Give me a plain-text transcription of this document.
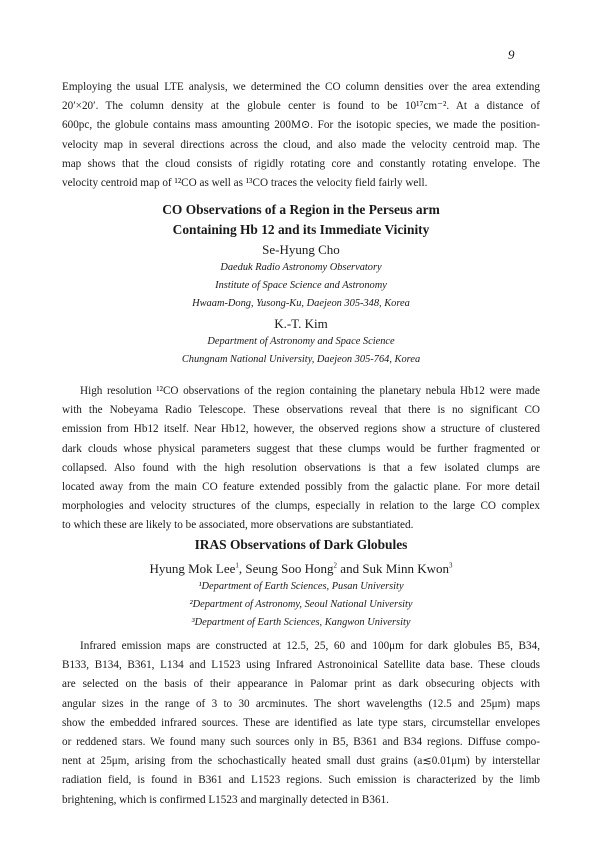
9
Employing the usual LTE analysis, we determined the CO column densities over the area extending
20′×20′. The column density at the globule center is found to be 10¹⁷cm⁻². At a distance of
600pc, the globule contains mass amounting 200M⊙. For the isotopic species, we made the position-
velocity map in several directions across the cloud, and also made the velocity centroid map. The
map shows that the cloud consists of rigidly rotating core and constantly rotating envelope. The
velocity centroid map of ¹²CO as well as ¹³CO traces the velocity field fairly well.
CO Observations of a Region in the Perseus arm
Containing Hb 12 and its Immediate Vicinity
Se-Hyung Cho
Daeduk Radio Astronomy Observatory
Institute of Space Science and Astronomy
Hwaam-Dong, Yusong-Ku, Daejeon 305-348, Korea
K.-T. Kim
Department of Astronomy and Space Science
Chungnam National University, Daejeon 305-764, Korea
High resolution ¹²CO observations of the region containing the planetary nebula Hb12 were made
with the Nobeyama Radio Telescope. These observations reveal that there is no significant CO
emission from Hb12 itself. Near Hb12, however, the observed regions show a structure of clustered
dark clouds whose physical parameters suggest that these clumps would be further fragmented or
collapsed. Also found with the high resolution observations is that a few isolated clumps are
located away from the main CO feature extended possibly from the galactic plane. For more detail
morphologies and velocity structures of the clumps, especially in relation to the large CO complex
to which these are likely to be associated, more observations are substantiated.
IRAS Observations of Dark Globules
Hyung Mok Lee$^1$, Seung Soo Hong$^2$ and Suk Minn Kwon$^3$
¹Department of Earth Sciences, Pusan University
²Department of Astronomy, Seoul National University
³Department of Earth Sciences, Kangwon University
Infrared emission maps are constructed at 12.5, 25, 60 and 100μm for dark globules B5, B34,
B133, B134, B361, L134 and L1523 using Infrared Astronoinical Satellite data base. These clouds
are selected on the basis of their appearance in Palomar print as dark obsecuring objects with
angular sizes in the range of 3 to 30 arcminutes. The short wavelengths (12.5 and 25μm) maps
show the embedded infrared sources. These are identified as late type stars, circumstellar envelopes
or reddened stars. We found many such sources only in B5, B361 and B34 regions. Diffuse compo-
nent at 25μm, arising from the schochastically heated small dust grains (a≲0.01μm) by interstellar
radiation field, is found in B361 and L1523 regions. Such emission is characterized by the limb
brightening, which is confirmed L1523 and marginally detected in B361.
